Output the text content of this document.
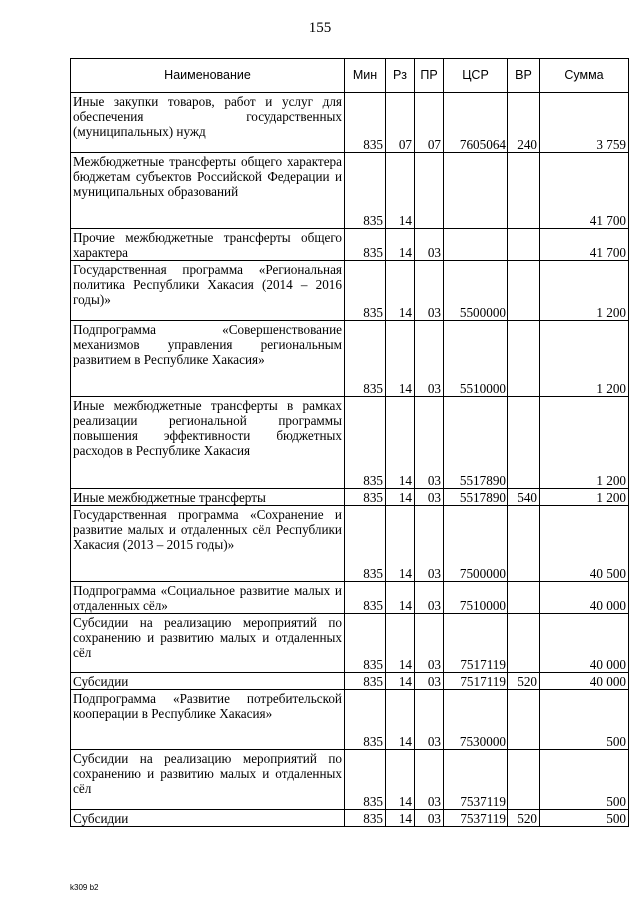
155
Наименование	Мин	Рз	ПР	ЦСР	ВР	Сумма
Иные закупки товаров, работ и услуг для обеспечения государственных (муниципальных) нужд	835	07	07	7605064	240	3 759
Межбюджетные трансферты общего характера бюджетам субъектов Российской Федерации и муниципальных образований	835	14				41 700
Прочие межбюджетные трансферты общего характера	835	14	03			41 700
Государственная программа «Региональная политика Республики Хакасия (2014 – 2016 годы)»	835	14	03	5500000		1 200
Подпрограмма «Совершенствование механизмов управления региональным развитием в Республике Хакасия»	835	14	03	5510000		1 200
Иные межбюджетные трансферты в рамках реализации региональной программы повышения эффективности бюджетных расходов в Республике Хакасия	835	14	03	5517890		1 200
Иные межбюджетные трансферты	835	14	03	5517890	540	1 200
Государственная программа «Сохранение и развитие малых и отдаленных сёл Республики Хакасия (2013 – 2015 годы)»	835	14	03	7500000		40 500
Подпрограмма «Социальное развитие малых и отдаленных сёл»	835	14	03	7510000		40 000
Субсидии на реализацию мероприятий по сохранению и развитию малых и отдаленных сёл	835	14	03	7517119		40 000
Субсидии	835	14	03	7517119	520	40 000
Подпрограмма «Развитие потребительской кооперации в Республике Хакасия»	835	14	03	7530000		500
Субсидии на реализацию мероприятий по сохранению и развитию малых и отдаленных сёл	835	14	03	7537119		500
Субсидии	835	14	03	7537119	520	500
k309 b2
